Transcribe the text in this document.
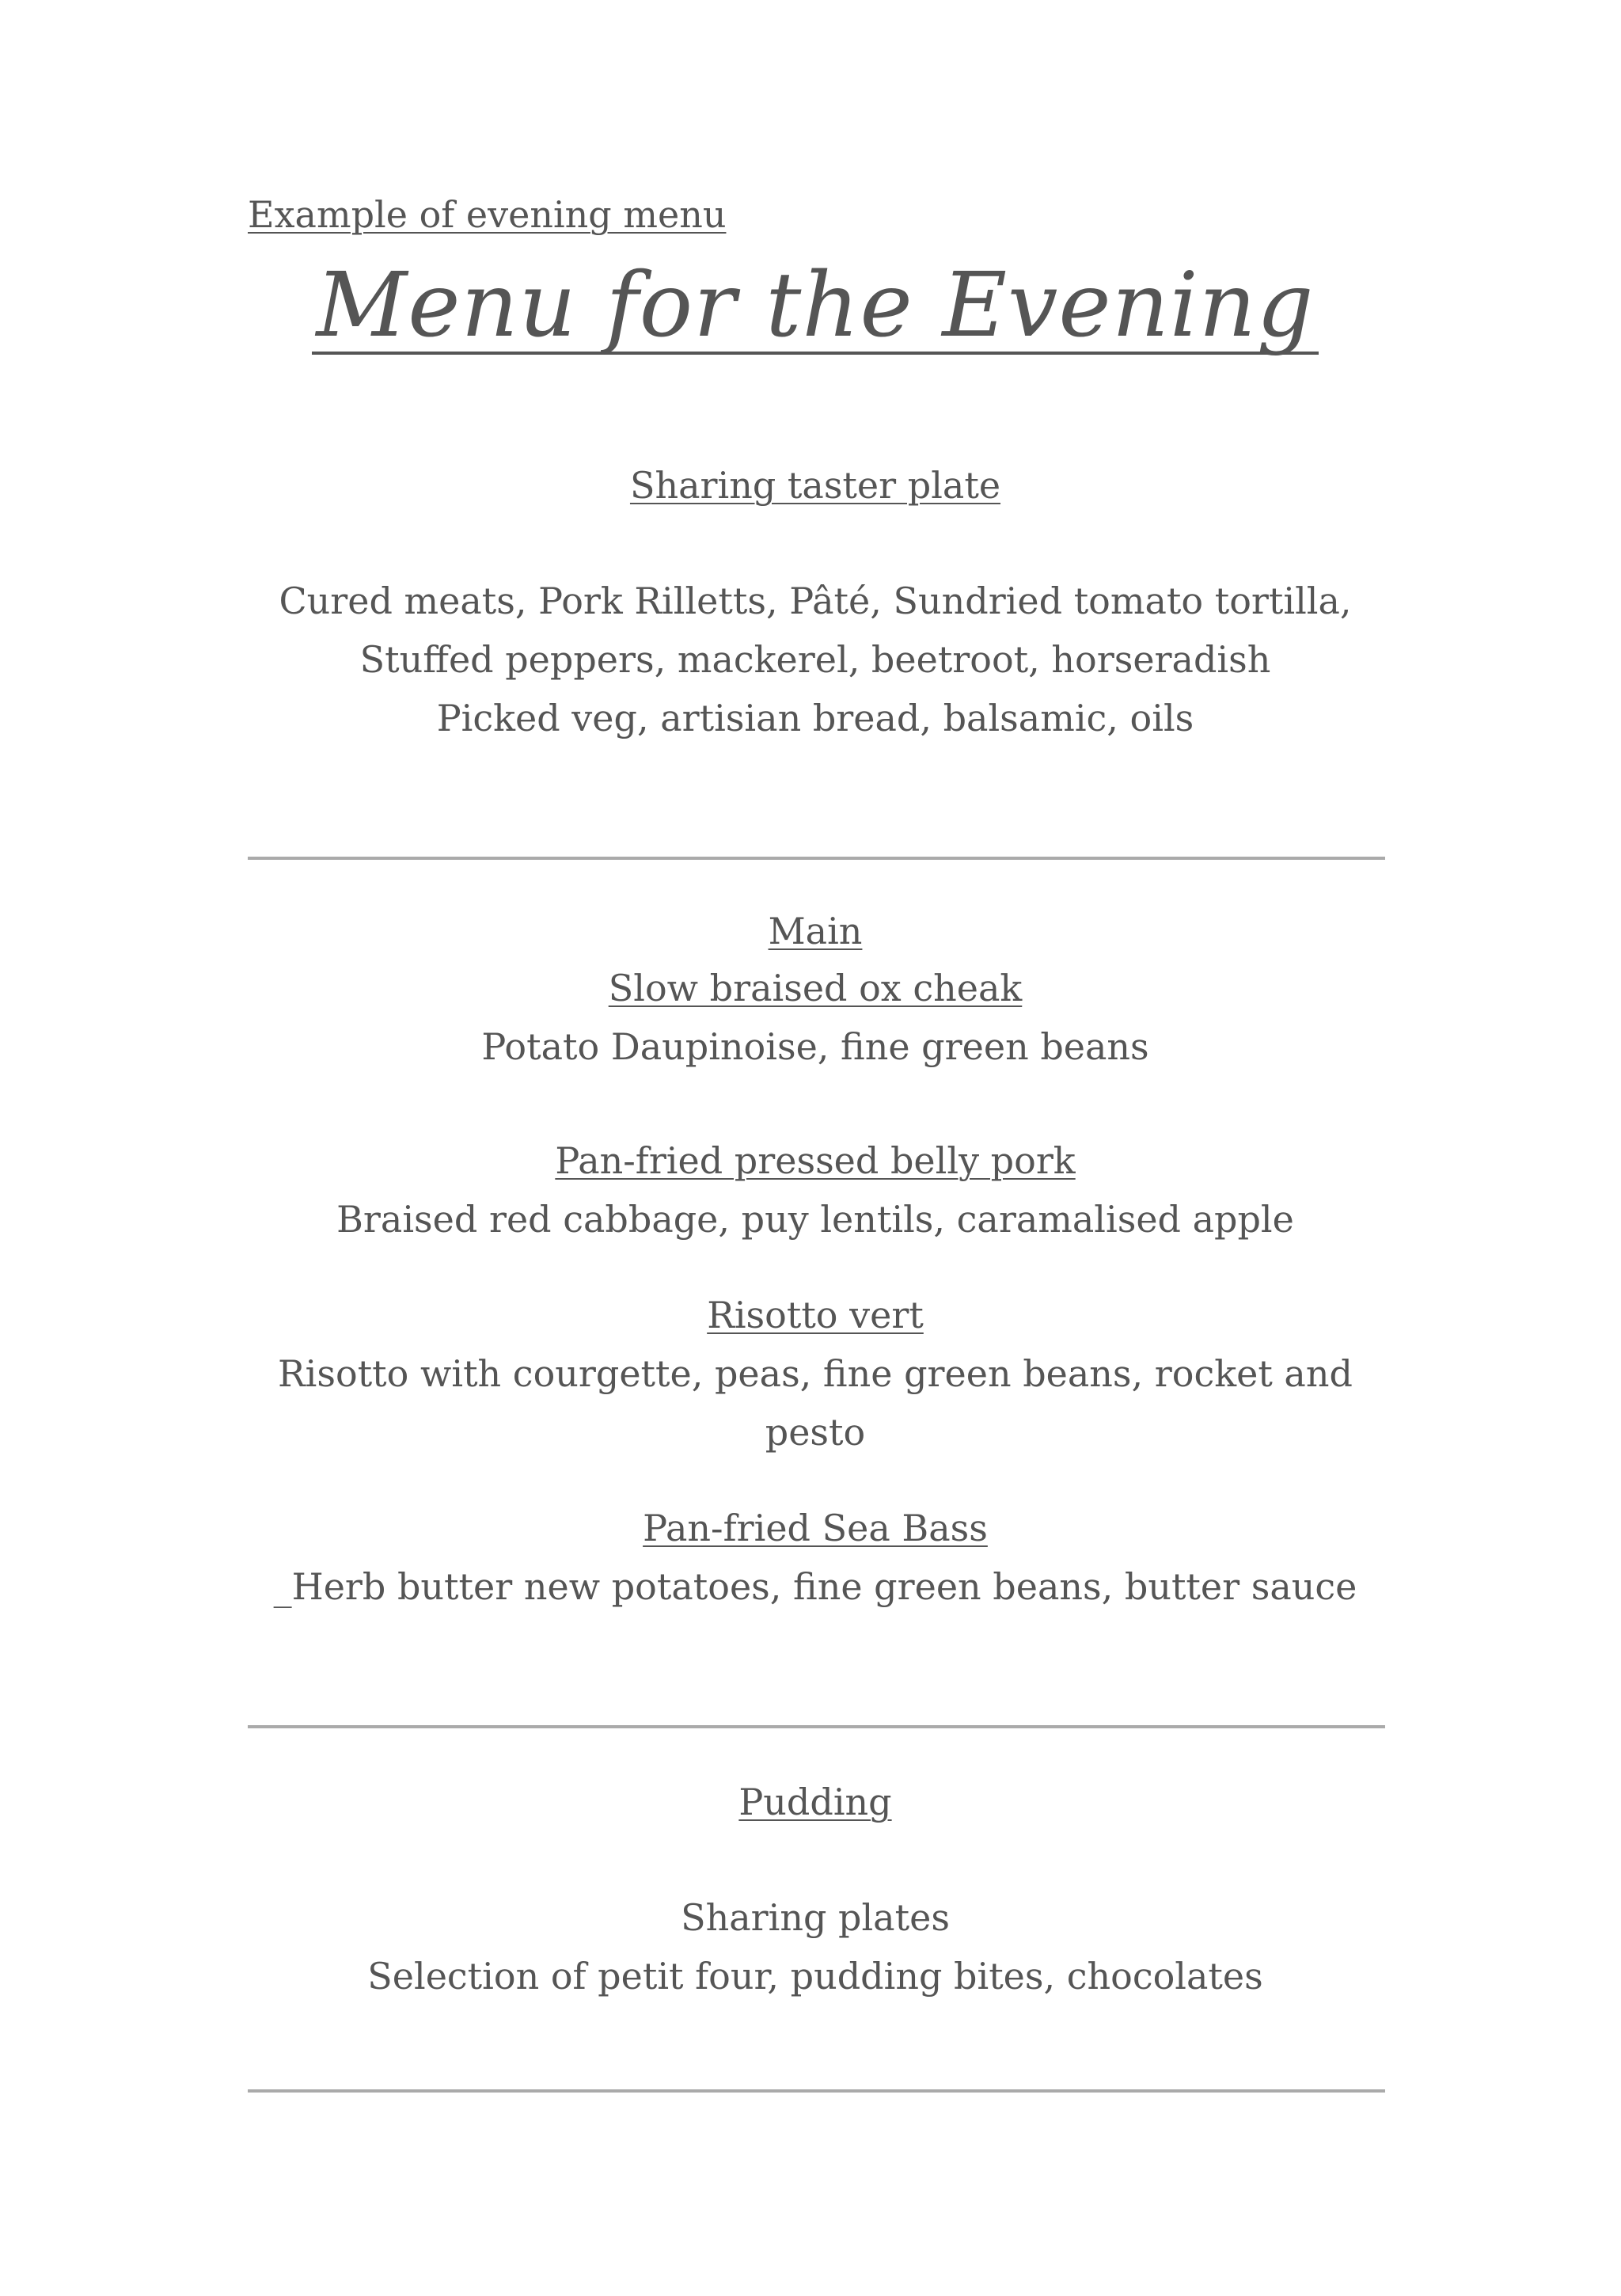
Example of evening menu
Menu for the Evening
Sharing taster plate
Cured meats, Pork Rilletts, Pâté, Sundried tomato tortilla,
Stuffed peppers, mackerel, beetroot, horseradish
Picked veg, artisian bread, balsamic, oils
Main
Slow braised ox cheak
Potato Daupinoise, fine green beans
Pan-fried pressed belly pork
Braised red cabbage, puy lentils, caramalised apple
Risotto vert
Risotto with courgette, peas, fine green beans, rocket and
pesto
Pan-fried Sea Bass
_Herb butter new potatoes, fine green beans, butter sauce
Pudding
Sharing plates
Selection of petit four, pudding bites, chocolates
